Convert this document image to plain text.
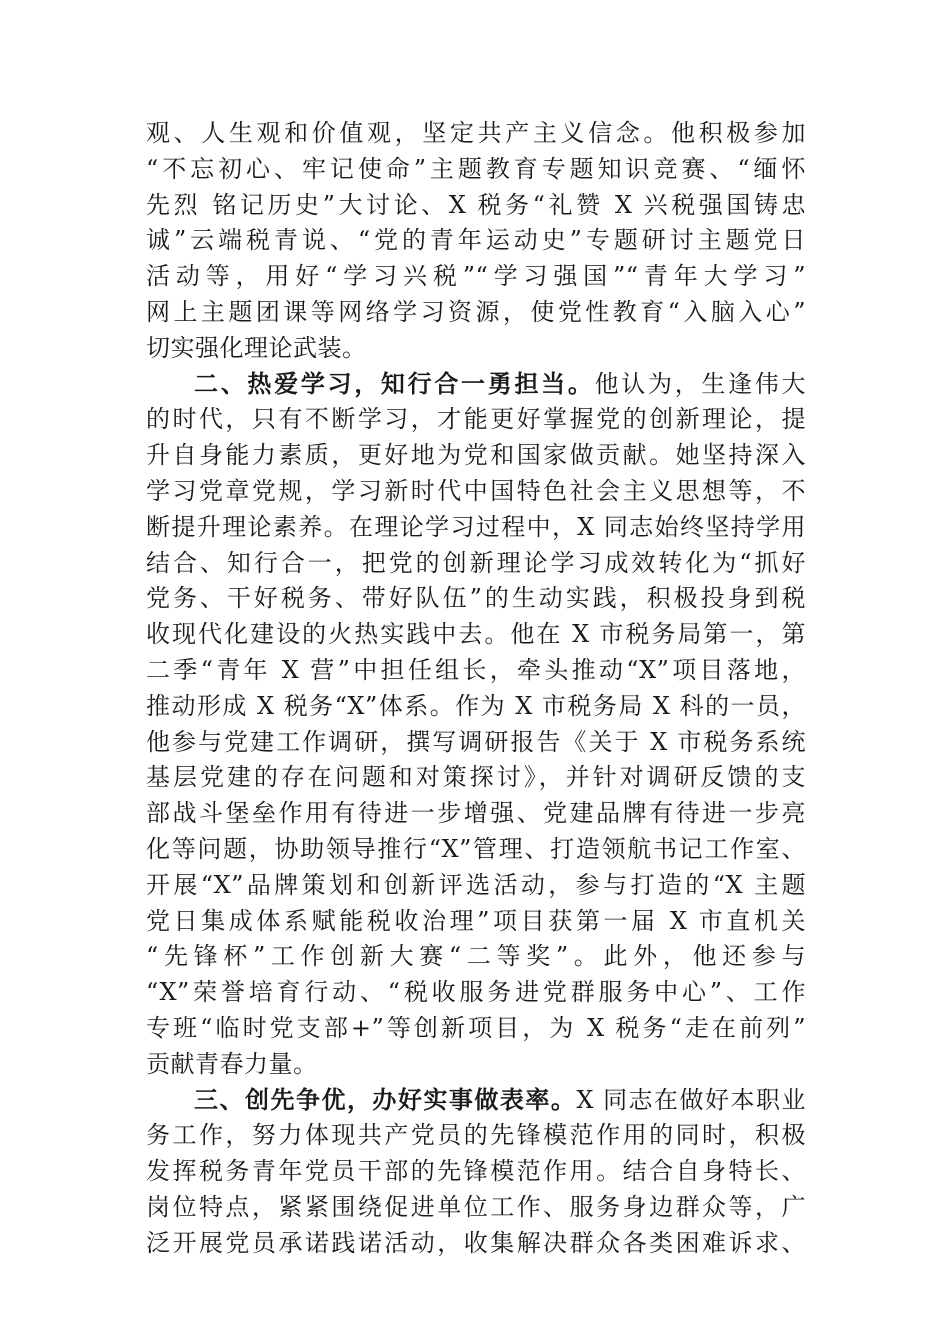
观、人生观和价值观，坚定共产主义信念。他积极参加
“不忘初心、牢记使命”主题教育专题知识竞赛、“缅怀
先烈 铭记历史”大讨论、X 税务“礼赞 X 兴税强国铸忠
诚”云端税青说、“党的青年运动史”专题研讨主题党日
活动等，用好“学习兴税”“学习强国”“青年大学习”
网上主题团课等网络学习资源，使党性教育“入脑入心”
切实强化理论武装。
二、热爱学习，知行合一勇担当。他认为，生逢伟大
的时代，只有不断学习，才能更好掌握党的创新理论，提
升自身能力素质，更好地为党和国家做贡献。她坚持深入
学习党章党规，学习新时代中国特色社会主义思想等，不
断提升理论素养。在理论学习过程中，X 同志始终坚持学用
结合、知行合一，把党的创新理论学习成效转化为“抓好
党务、干好税务、带好队伍”的生动实践，积极投身到税
收现代化建设的火热实践中去。他在 X 市税务局第一，第
二季“青年 X 营”中担任组长，牵头推动“X”项目落地，
推动形成 X 税务“X”体系。作为 X 市税务局 X 科的一员，
他参与党建工作调研，撰写调研报告《关于 X 市税务系统
基层党建的存在问题和对策探讨》，并针对调研反馈的支
部战斗堡垒作用有待进一步增强、党建品牌有待进一步亮
化等问题，协助领导推行“X”管理、打造领航书记工作室、
开展“X”品牌策划和创新评选活动，参与打造的“X 主题
党日集成体系赋能税收治理”项目获第一届 X 市直机关
“先锋杯”工作创新大赛“二等奖”。此外，他还参与
“X”荣誉培育行动、“税收服务进党群服务中心”、工作
专班“临时党支部+”等创新项目，为 X 税务“走在前列”
贡献青春力量。
三、创先争优，办好实事做表率。X 同志在做好本职业
务工作，努力体现共产党员的先锋模范作用的同时，积极
发挥税务青年党员干部的先锋模范作用。结合自身特长、
岗位特点，紧紧围绕促进单位工作、服务身边群众等，广
泛开展党员承诺践诺活动，收集解决群众各类困难诉求、
